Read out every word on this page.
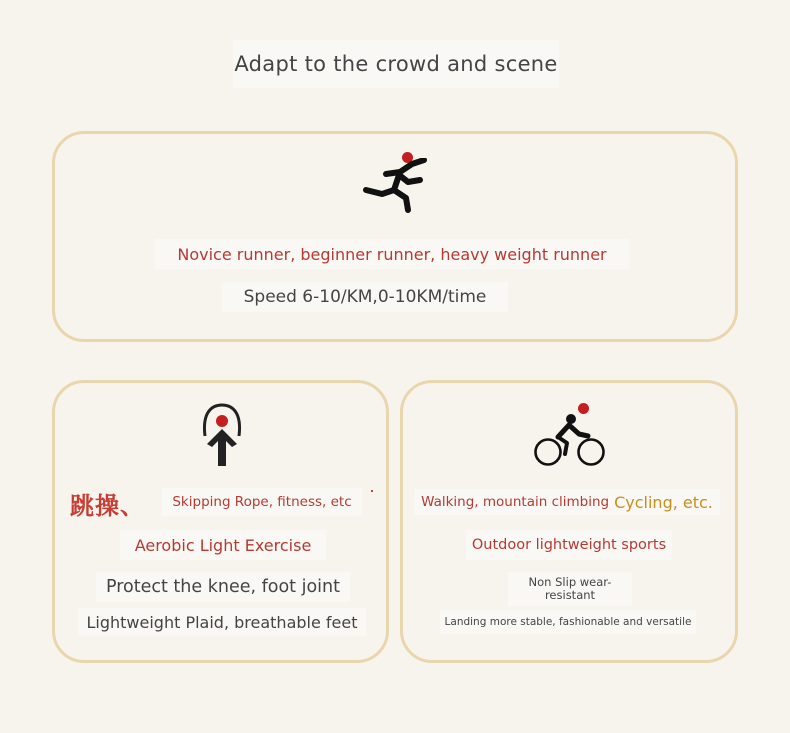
Adapt to the crowd and scene
Novice runner, beginner runner, heavy weight runner
Speed 6-10/KM,0-10KM/time
跳操、	Skipping Rope, fitness, etc
Aerobic Light Exercise
Protect the knee, foot joint
Lightweight Plaid, breathable feet
Walking, mountain climbing Cycling, etc.
Outdoor lightweight sports
Non Slip wear-resistant
Landing more stable, fashionable and versatile
